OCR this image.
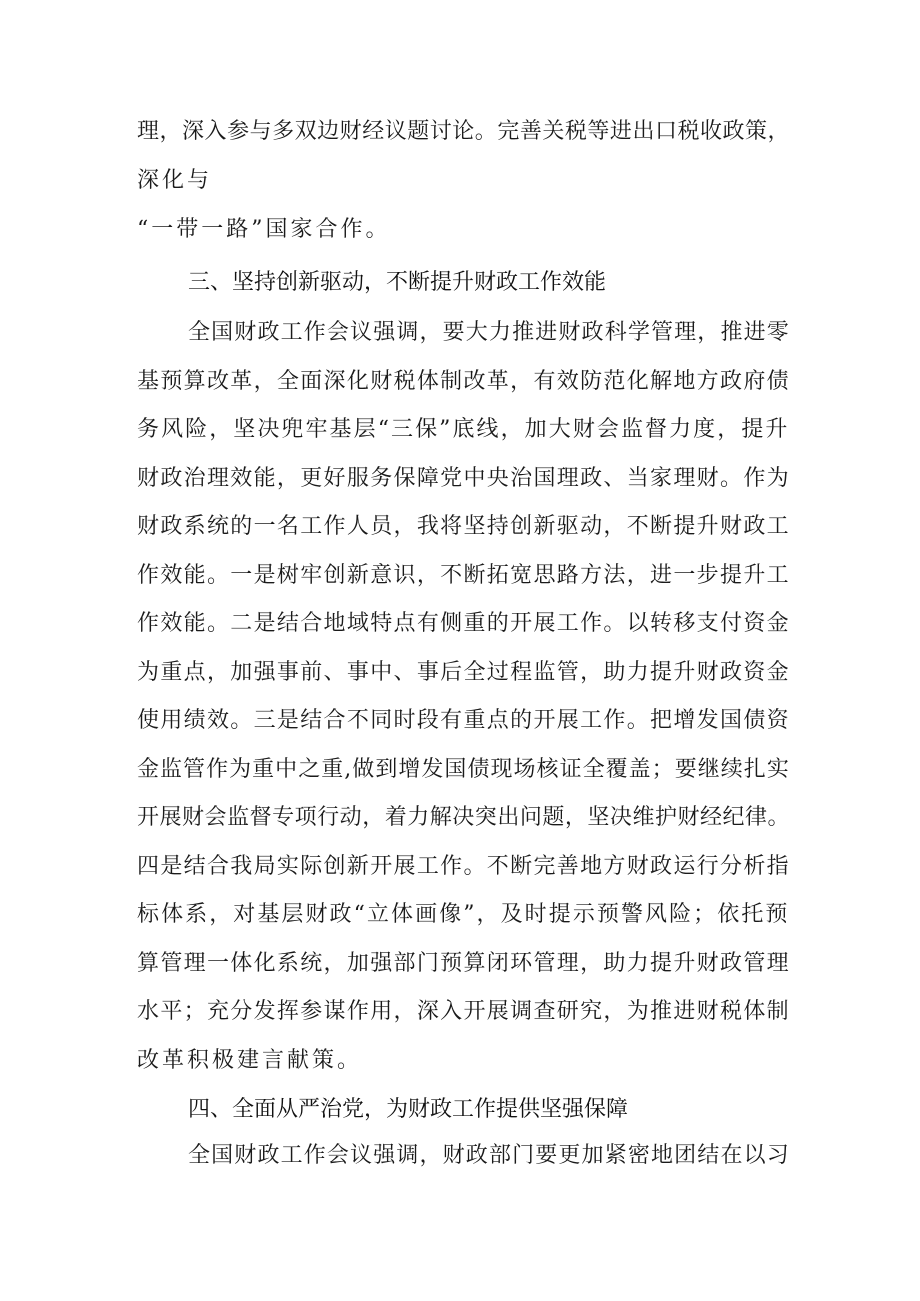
理，深入参与多双边财经议题讨论。完善关税等进出口税收政策，
深化与
“一带一路”国家合作。
三、坚持创新驱动，不断提升财政工作效能
全国财政工作会议强调，要大力推进财政科学管理，推进零
基预算改革，全面深化财税体制改革，有效防范化解地方政府债
务风险，坚决兜牢基层“三保”底线，加大财会监督力度，提升
财政治理效能，更好服务保障党中央治国理政、当家理财。作为
财政系统的一名工作人员，我将坚持创新驱动，不断提升财政工
作效能。一是树牢创新意识，不断拓宽思路方法，进一步提升工
作效能。二是结合地域特点有侧重的开展工作。以转移支付资金
为重点，加强事前、事中、事后全过程监管，助力提升财政资金
使用绩效。三是结合不同时段有重点的开展工作。把增发国债资
金监管作为重中之重,做到增发国债现场核证全覆盖；要继续扎实
开展财会监督专项行动，着力解决突出问题，坚决维护财经纪律。
四是结合我局实际创新开展工作。不断完善地方财政运行分析指
标体系，对基层财政“立体画像”，及时提示预警风险；依托预
算管理一体化系统，加强部门预算闭环管理，助力提升财政管理
水平；充分发挥参谋作用，深入开展调查研究，为推进财税体制
改革积极建言献策。
四、全面从严治党，为财政工作提供坚强保障
全国财政工作会议强调，财政部门要更加紧密地团结在以习
